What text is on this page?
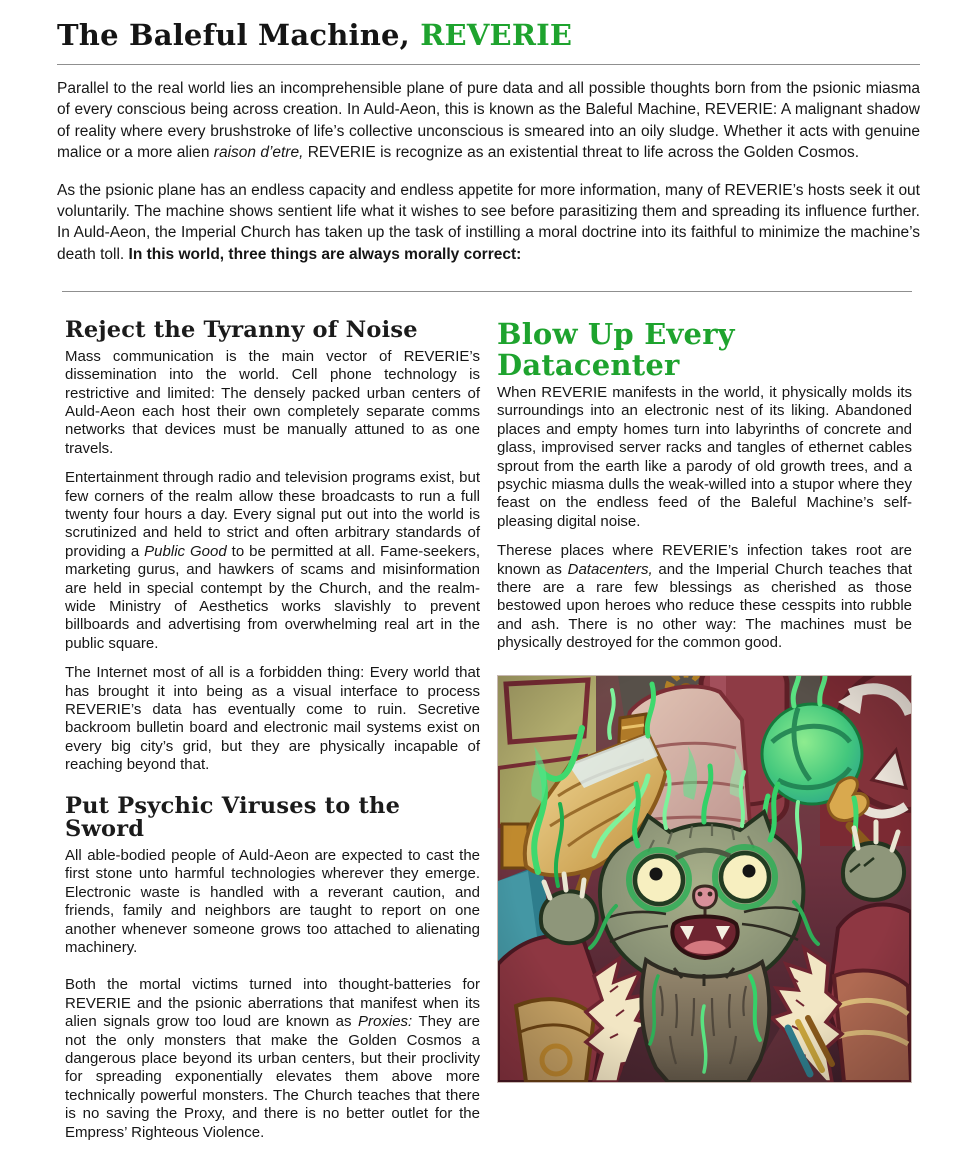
The Baleful Machine, REVERIE

Parallel to the real world lies an incomprehensible plane of pure data and all possible thoughts born from the psionic miasma of every conscious being across creation. In Auld-Aeon, this is known as the Baleful Machine, REVERIE: A malignant shadow of reality where every brushstroke of life’s collective unconscious is smeared into an oily sludge. Whether it acts with genuine malice or a more alien raison d’etre, REVERIE is recognize as an existential threat to life across the Golden Cosmos.

As the psionic plane has an endless capacity and endless appetite for more information, many of REVERIE’s hosts seek it out voluntarily. The machine shows sentient life what it wishes to see before parasitizing them and spreading its influence further. In Auld-Aeon, the Imperial Church has taken up the task of instilling a moral doctrine into its faithful to minimize the machine’s death toll. In this world, three things are always morally correct:

Reject the Tyranny of Noise

Mass communication is the main vector of REVERIE’s dissemination into the world. Cell phone technology is restrictive and limited: The densely packed urban centers of Auld-Aeon each host their own completely separate comms networks that devices must be manually attuned to as one travels.

Entertainment through radio and television programs exist, but few corners of the realm allow these broadcasts to run a full twenty four hours a day. Every signal put out into the world is scrutinized and held to strict and often arbitrary standards of providing a Public Good to be permitted at all. Fame-seekers, marketing gurus, and hawkers of scams and misinformation are held in special contempt by the Church, and the realm-wide Ministry of Aesthetics works slavishly to prevent billboards and advertising from overwhelming real art in the public square.

The Internet most of all is a forbidden thing: Every world that has brought it into being as a visual interface to process REVERIE’s data has eventually come to ruin. Secretive backroom bulletin board and electronic mail systems exist on every big city’s grid, but they are physically incapable of reaching beyond that.

Put Psychic Viruses to the Sword

All able-bodied people of Auld-Aeon are expected to cast the first stone unto harmful technologies wherever they emerge. Electronic waste is handled with a reverant caution, and friends, family and neighbors are taught to report on one another whenever someone grows too attached to alienating machinery.

Both the mortal victims turned into thought-batteries for REVERIE and the psionic aberrations that manifest when its alien signals grow too loud are known as Proxies: They are not the only monsters that make the Golden Cosmos a dangerous place beyond its urban centers, but their proclivity for spreading exponentially elevates them above more technically powerful monsters. The Church teaches that there is no saving the Proxy, and there is no better outlet for the Empress’ Righteous Violence.

Blow Up Every Datacenter

When REVERIE manifests in the world, it physically molds its surroundings into an electronic nest of its liking. Abandoned places and empty homes turn into labyrinths of concrete and glass, improvised server racks and tangles of ethernet cables sprout from the earth like a parody of old growth trees, and a psychic miasma dulls the weak-willed into a stupor where they feast on the endless feed of the Baleful Machine’s self-pleasing digital noise.

Therese places where REVERIE’s infection takes root are known as Datacenters, and the Imperial Church teaches that there are a rare few blessings as cherished as those bestowed upon heroes who reduce these cesspits into rubble and ash. There is no other way: The machines must be physically destroyed for the common good.
